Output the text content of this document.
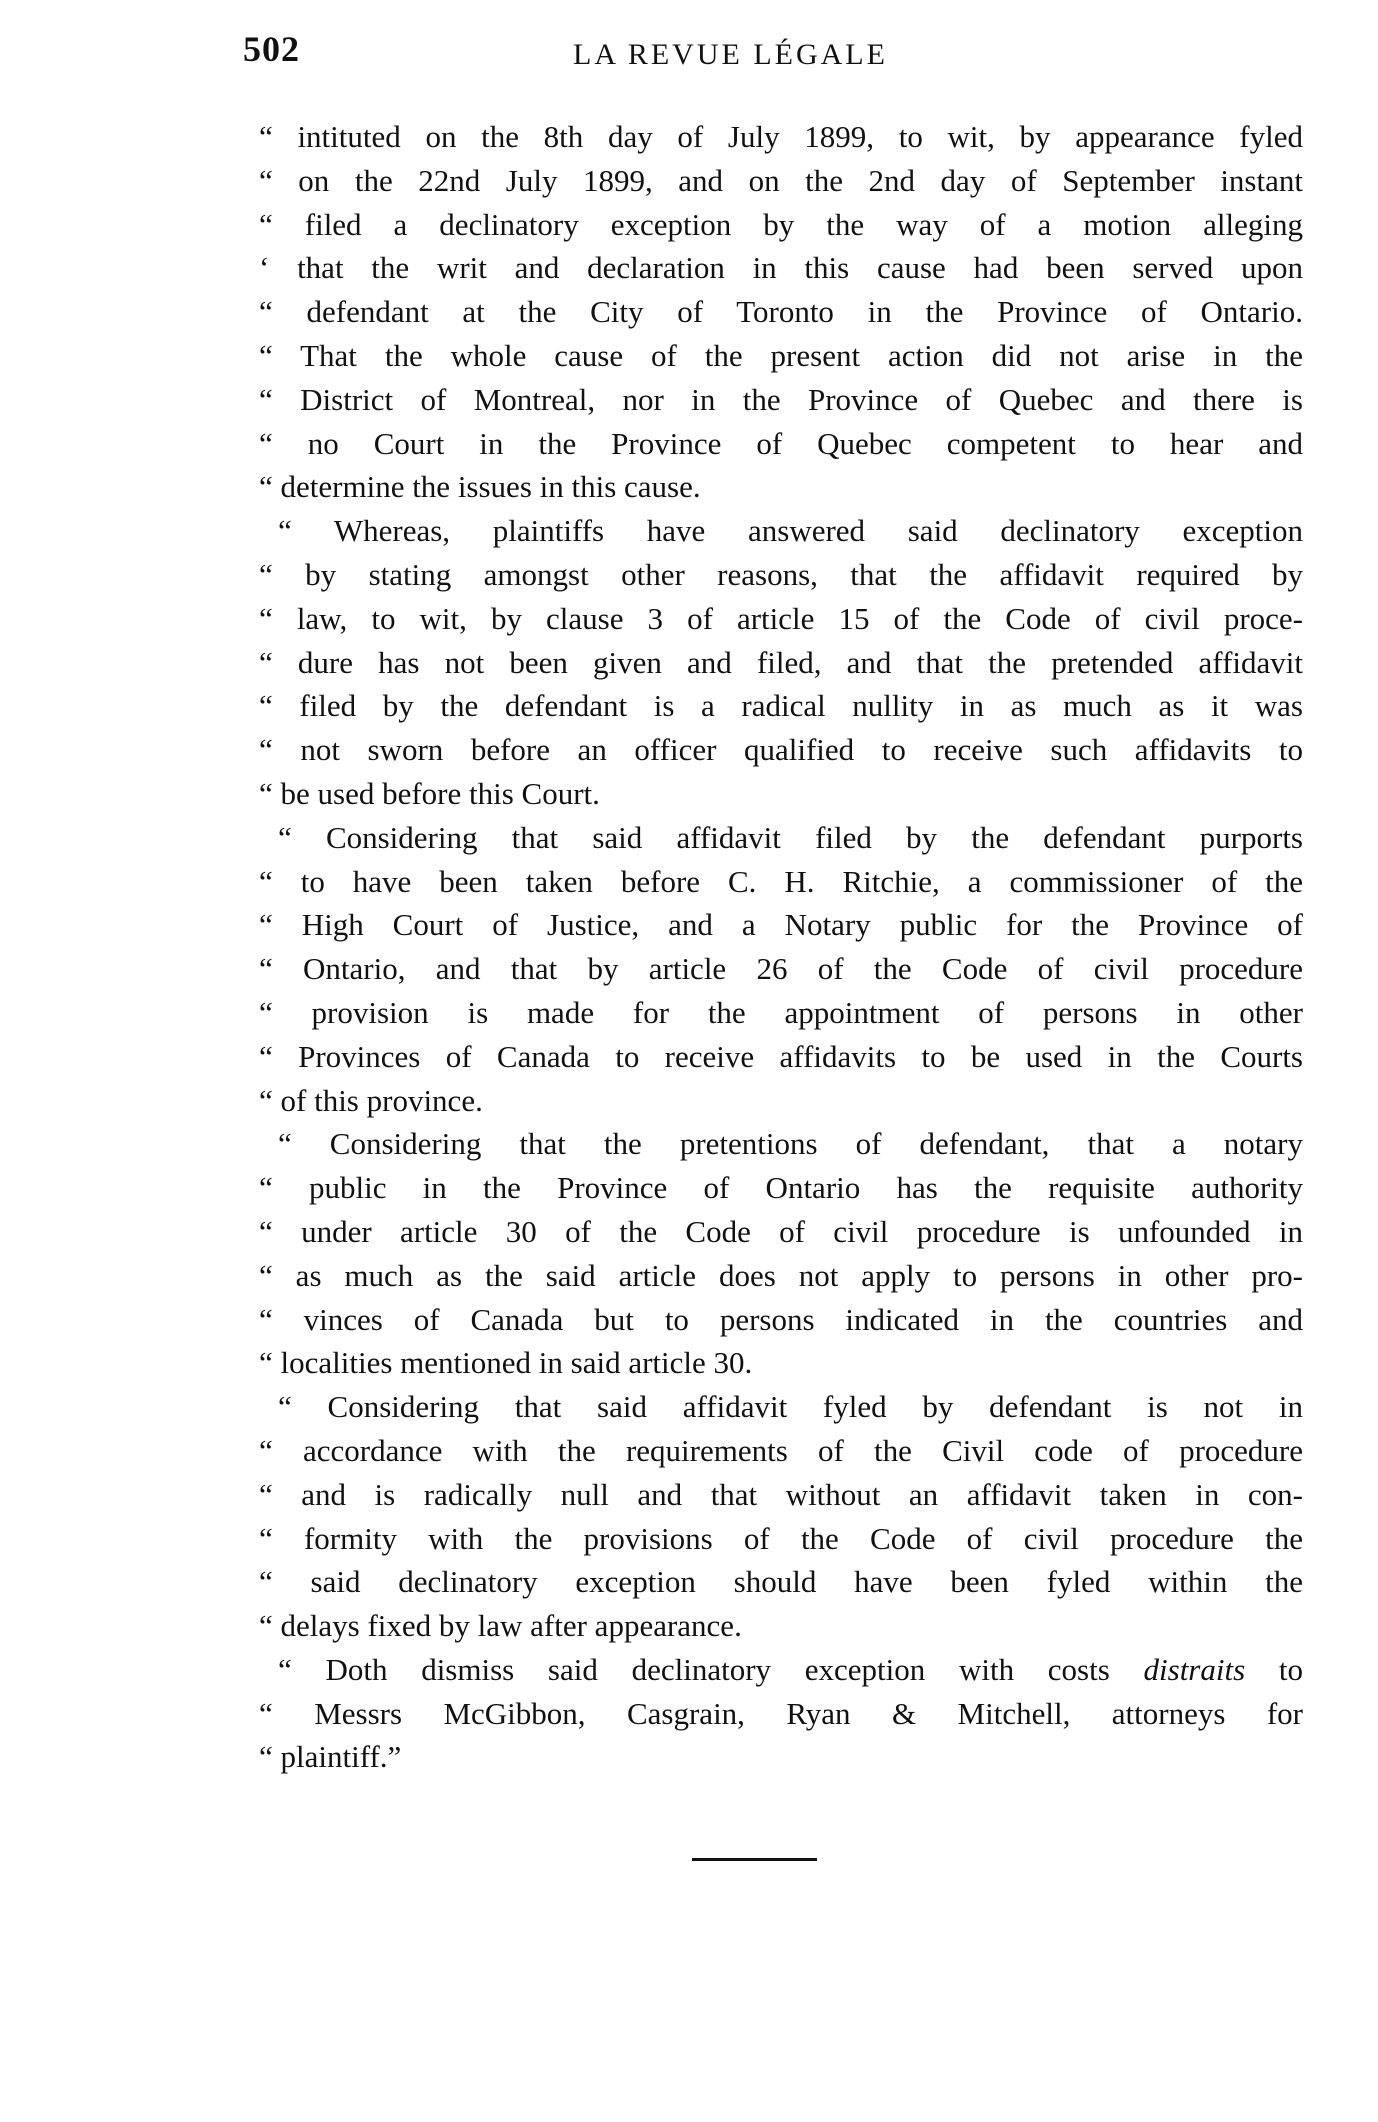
502	LA REVUE LÉGALE
“ intituted on the 8th day of July 1899, to wit, by appearance fyled
“ on the 22nd July 1899, and on the 2nd day of September instant
“ filed a declinatory exception by the way of a motion alleging
‘ that the writ and declaration in this cause had been served upon
“ defendant at the City of Toronto in the Province of Ontario.
“ That the whole cause of the present action did not arise in the
“ District of Montreal, nor in the Province of Quebec and there is
“ no Court in the Province of Quebec competent to hear and
“ determine the issues in this cause.
“ Whereas, plaintiffs have answered said declinatory exception
“ by stating amongst other reasons, that the affidavit required by
“ law, to wit, by clause 3 of article 15 of the Code of civil proce-
“ dure has not been given and filed, and that the pretended affidavit
“ filed by the defendant is a radical nullity in as much as it was
“ not sworn before an officer qualified to receive such affidavits to
“ be used before this Court.
“ Considering that said affidavit filed by the defendant purports
“ to have been taken before C. H. Ritchie, a commissioner of the
“ High Court of Justice, and a Notary public for the Province of
“ Ontario, and that by article 26 of the Code of civil procedure
“ provision is made for the appointment of persons in other
“ Provinces of Canada to receive affidavits to be used in the Courts
“ of this province.
“ Considering that the pretentions of defendant, that a notary
“ public in the Province of Ontario has the requisite authority
“ under article 30 of the Code of civil procedure is unfounded in
“ as much as the said article does not apply to persons in other pro-
“ vinces of Canada but to persons indicated in the countries and
“ localities mentioned in said article 30.
“ Considering that said affidavit fyled by defendant is not in
“ accordance with the requirements of the Civil code of procedure
“ and is radically null and that without an affidavit taken in con-
“ formity with the provisions of the Code of civil procedure the
“ said declinatory exception should have been fyled within the
“ delays fixed by law after appearance.
“ Doth dismiss said declinatory exception with costs distraits to
“ Messrs McGibbon, Casgrain, Ryan & Mitchell, attorneys for
“ plaintiff.”
